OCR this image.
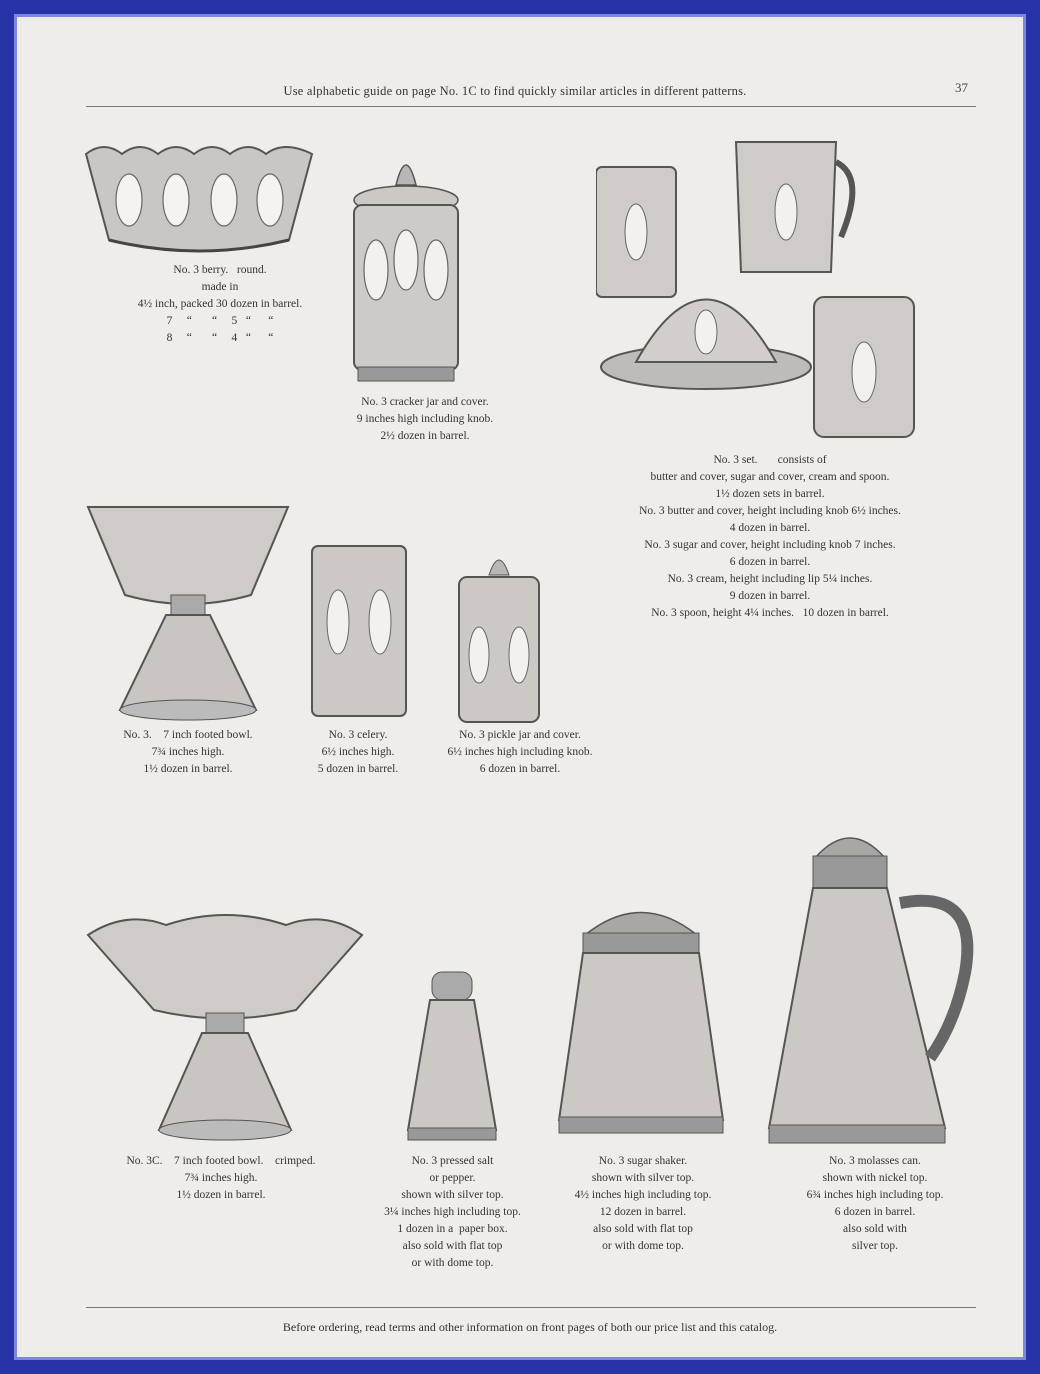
Use alphabetic guide on page No. 1C to find quickly similar articles in different patterns.	37
No. 3 berry.   round.
made in
4½ inch, packed 30 dozen in barrel.
7     “       “     5   “      “
8     “       “     4   “      “
No. 3 cracker jar and cover.
9 inches high including knob.
2½ dozen in barrel.
No. 3 set.       consists of
butter and cover, sugar and cover, cream and spoon.
1½ dozen sets in barrel.
No. 3 butter and cover, height including knob 6½ inches.
4 dozen in barrel.
No. 3 sugar and cover, height including knob 7 inches.
6 dozen in barrel.
No. 3 cream, height including lip 5¼ inches.
9 dozen in barrel.
No. 3 spoon, height 4¼ inches.   10 dozen in barrel.
No. 3.    7 inch footed bowl.
7¾ inches high.
1½ dozen in barrel.
No. 3 celery.
6½ inches high.
5 dozen in barrel.
No. 3 pickle jar and cover.
6½ inches high including knob.
6 dozen in barrel.
No. 3C.    7 inch footed bowl.    crimped.
7¾ inches high.
1½ dozen in barrel.
No. 3 pressed salt
or pepper.
shown with silver top.
3¼ inches high including top.
1 dozen in a  paper box.
also sold with flat top
or with dome top.
No. 3 sugar shaker.
shown with silver top.
4½ inches high including top.
12 dozen in barrel.
also sold with flat top
or with dome top.
No. 3 molasses can.
shown with nickel top.
6¾ inches high including top.
6 dozen in barrel.
also sold with
silver top.
Before ordering, read terms and other information on front pages of both our price list and this catalog.
